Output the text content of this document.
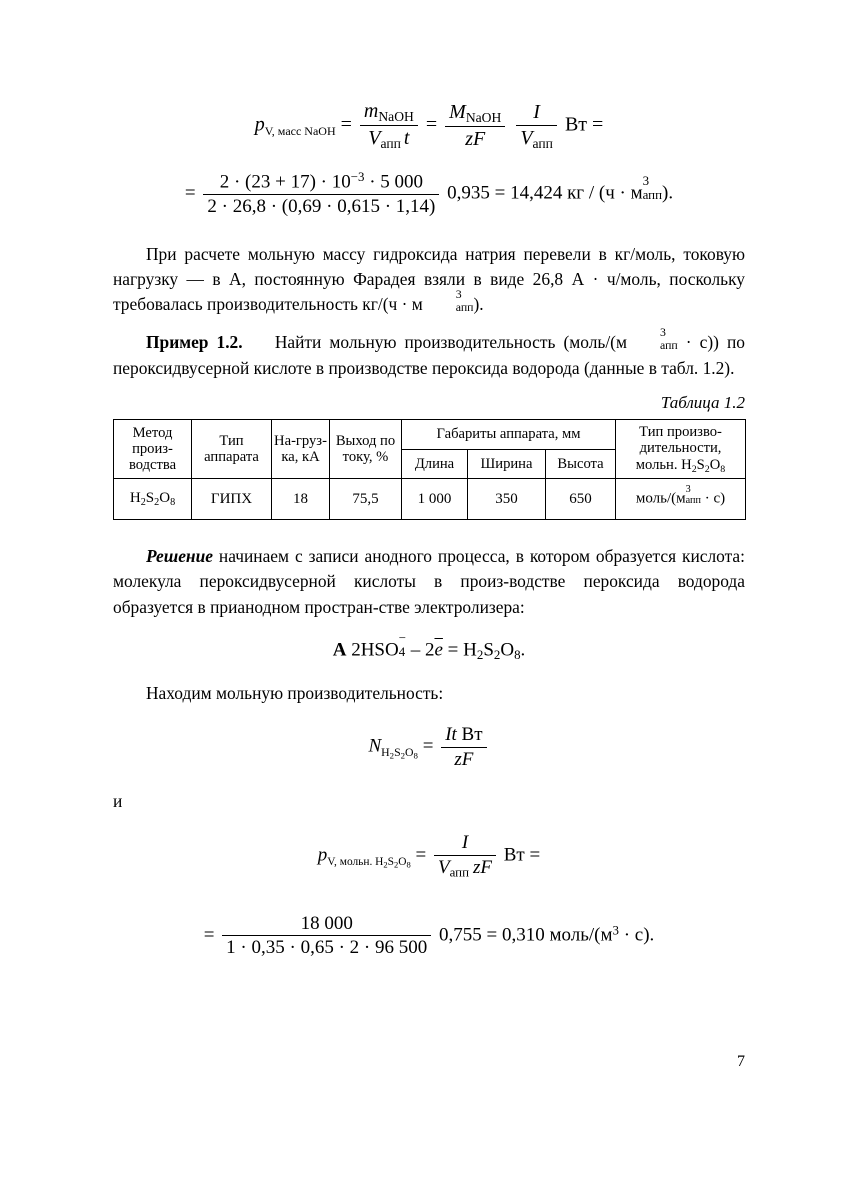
pV, масс NaOH = $\frac{m_{NaOH}}{V_{апп} t} = \frac{M_{NaOH}}{zF}$
$\frac{I}{V_{апп}}$ Вт =
= $\frac{2 \cdot (23 + 17) \cdot 10^{-3} \cdot 5 000}{2 \cdot 26,8 \cdot (0,69 \cdot 0,615 \cdot 1,14)} 0,935 = 14,424$ кг / (ч · м
3
апп ).

При расчете мольную массу гидроксида натрия перевели в кг/моль, токовую нагрузку — в А, постоянную Фарадея взяли в виде 26,8 А · ч/моль, поскольку требовалась производительность кг/(ч · м
3
апп ).

Пример 1.2. Найти мольную производительность (моль/(м
3
апп · с)) по пероксидвусерной кислоте в производстве пероксида водорода (данные в табл. 1.2).

Таблица 1.2

Метод произ-водства	Тип аппарата	На-груз-ка, кА	Выход по току, %	Габариты аппарата, мм			Тип произво-дительности, мольн. $H_2S_2O_8$
				Длина	Ширина	Высота	
$H_2S_2O_8$	ГИПХ	18	75,5	1 000	350	650	моль/(м
3
апп · с)

Решение начинаем с записи анодного процесса, в котором образуется кислота: молекула пероксидвусерной кислоты в произ-водстве пероксида водорода образуется в прианодном простран-стве электролизера:

A 2HSO
−
$4 - 2\overline{e} = H_2S_2O_8$.

Находим мольную производительность:

$N_{H_2S_2O_8} = \frac{\text{It Вт}}{zF}$

и

$p_{V, мольн. H_2S_2O_8} = \frac{I}{V_{апп} zF}$ Вт =
= $\frac{18 000}{1 \cdot 0,35 \cdot 0,65 \cdot 2 \cdot 96 500} 0,755 = 0,310$ моль/$(м^3 \cdot с)$.
7
